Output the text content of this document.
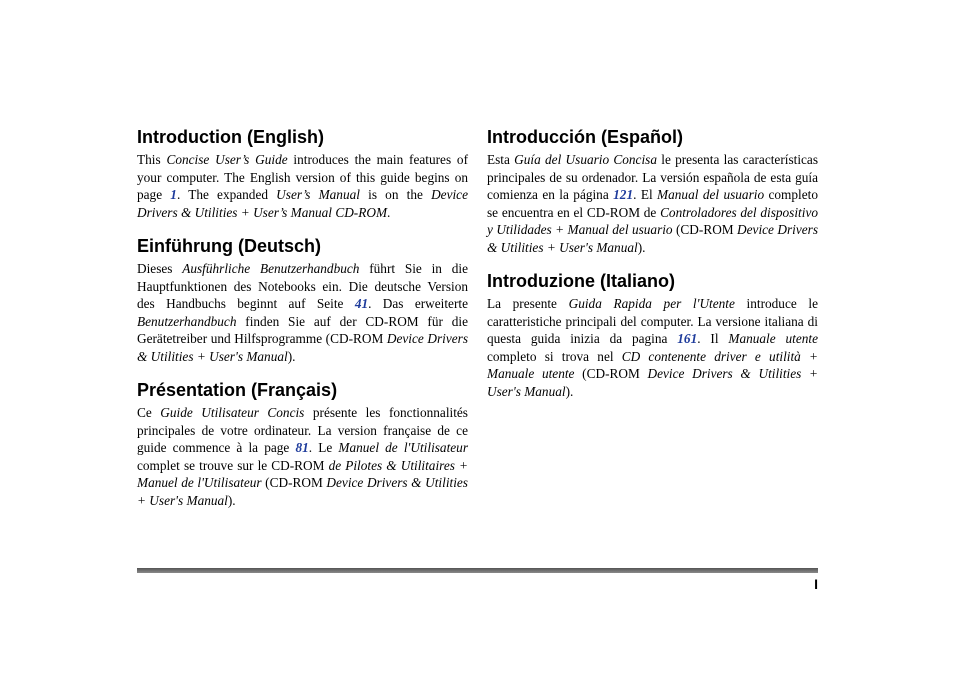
Introduction (English)

This Concise User’s Guide introduces the main features of your computer. The English version of this guide begins on page 1. The expanded User’s Manual is on the Device Drivers & Utilities + User’s Manual CD-ROM.

Einführung (Deutsch)

Dieses Ausführliche Benutzerhandbuch führt Sie in die Hauptfunktionen des Notebooks ein. Die deutsche Version des Handbuchs beginnt auf Seite 41. Das erweiterte Benutzerhandbuch finden Sie auf der CD-ROM für die Gerätetreiber und Hilfsprogramme (CD-ROM Device Drivers & Utilities + User's Manual).

Présentation (Français)

Ce Guide Utilisateur Concis présente les fonctionnalités principales de votre ordinateur. La version française de ce guide commence à la page 81. Le Manuel de l'Utilisateur complet se trouve sur le CD-ROM de Pilotes & Utilitaires + Manuel de l'Utilisateur (CD-ROM Device Drivers & Utilities + User's Manual).

Introducción (Español)

Esta Guía del Usuario Concisa le presenta las características principales de su ordenador. La versión española de esta guía comienza en la página 121. El Manual del usuario completo se encuentra en el CD-ROM de Controladores del dispositivo y Utilidades + Manual del usuario (CD-ROM Device Drivers & Utilities + User's Manual).

Introduzione (Italiano)

La presente Guida Rapida per l'Utente introduce le caratteristiche principali del computer. La versione italiana di questa guida inizia da pagina 161. Il Manuale utente completo si trova nel CD contenente driver e utilità + Manuale utente (CD-ROM Device Drivers & Utilities + User's Manual).

I
